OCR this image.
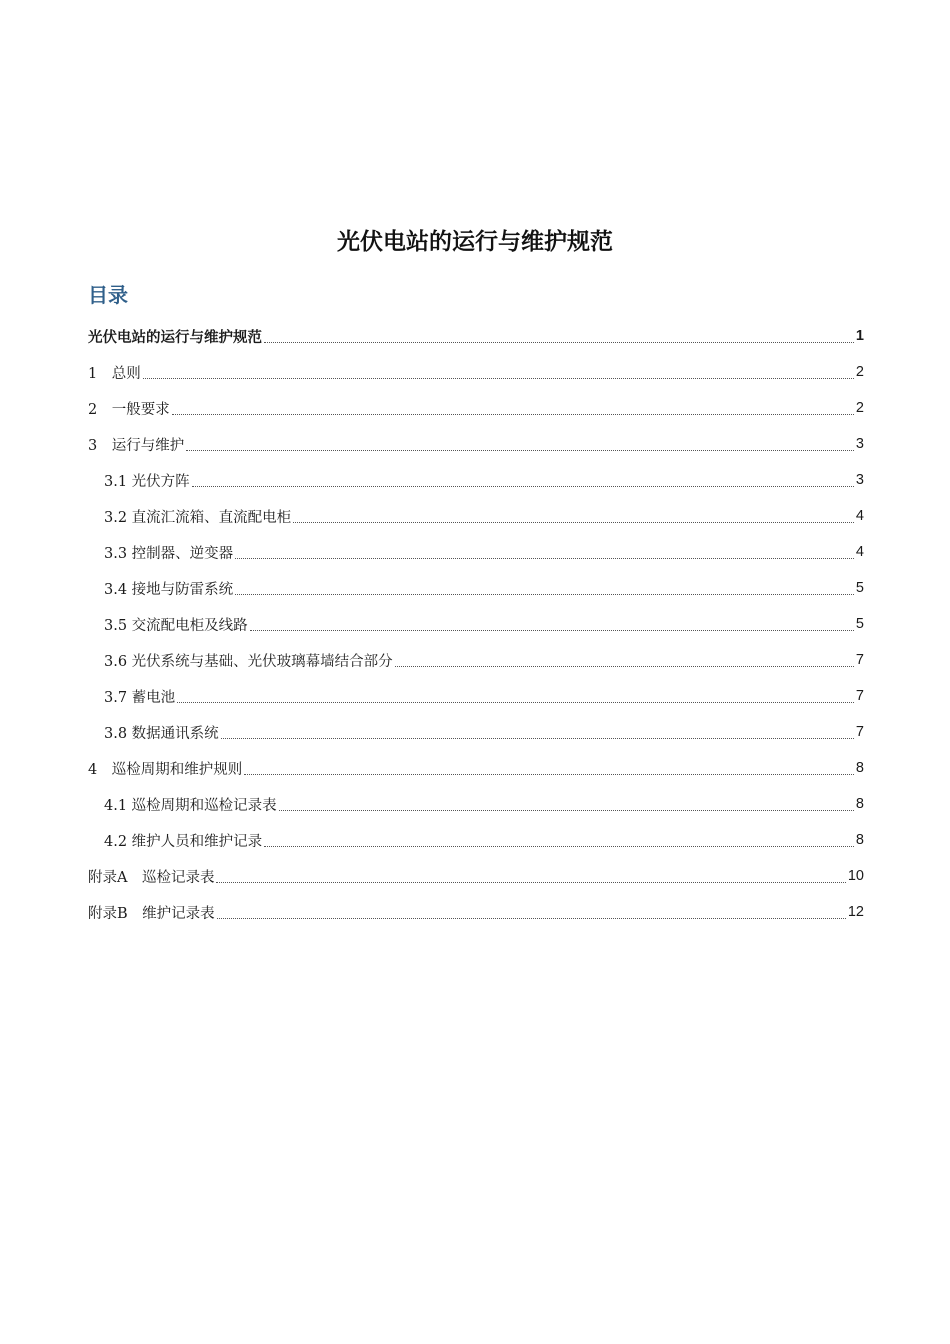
光伏电站的运行与维护规范
目录
光伏电站的运行与维护规范	1
1　总则	2
2　一般要求	2
3　运行与维护	3
3.1 光伏方阵	3
3.2 直流汇流箱、直流配电柜	4
3.3 控制器、逆变器	4
3.4 接地与防雷系统	5
3.5 交流配电柜及线路	5
3.6 光伏系统与基础、光伏玻璃幕墙结合部分	7
3.7 蓄电池	7
3.8 数据通讯系统	7
4　巡检周期和维护规则	8
4.1 巡检周期和巡检记录表	8
4.2 维护人员和维护记录	8
附录A　巡检记录表	10
附录B　维护记录表	12
